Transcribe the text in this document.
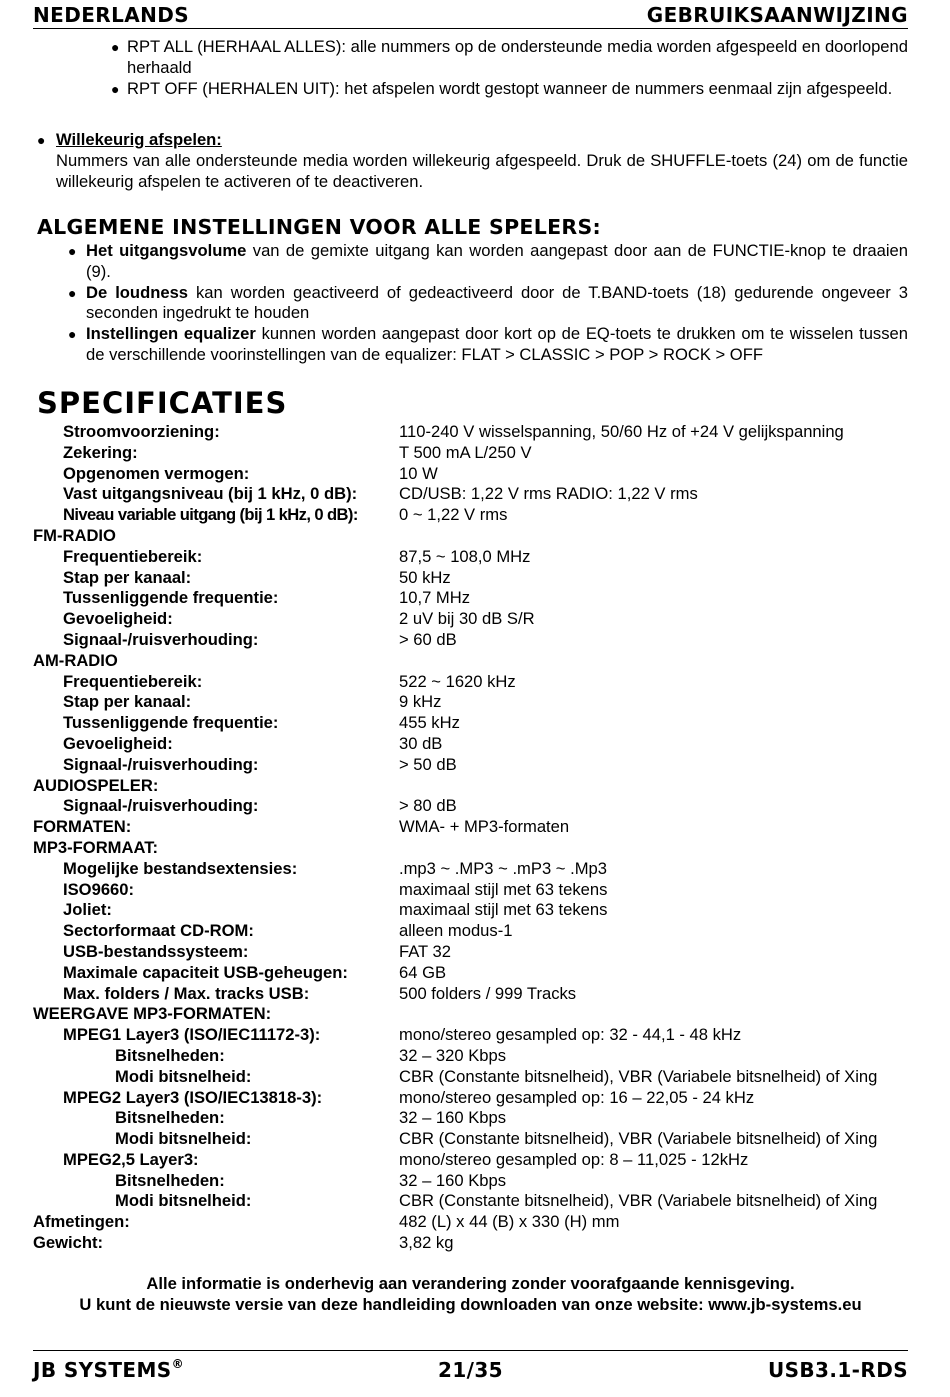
NEDERLANDS	GEBRUIKSAANWIJZING
● RPT ALL (HERHAAL ALLES): alle nummers op de ondersteunde media worden afgespeeld en doorlopend herhaald
● RPT OFF (HERHALEN UIT): het afspelen wordt gestopt wanneer de nummers eenmaal zijn afgespeeld.
● Willekeurig afspelen:
Nummers van alle ondersteunde media worden willekeurig afgespeeld. Druk de SHUFFLE-toets (24) om de functie willekeurig afspelen te activeren of te deactiveren.
ALGEMENE INSTELLINGEN VOOR ALLE SPELERS:
● Het uitgangsvolume van de gemixte uitgang kan worden aangepast door aan de FUNCTIE-knop te draaien (9).
● De loudness kan worden geactiveerd of gedeactiveerd door de T.BAND-toets (18) gedurende ongeveer 3 seconden ingedrukt te houden
● Instellingen equalizer kunnen worden aangepast door kort op de EQ-toets te drukken om te wisselen tussen de verschillende voorinstellingen van de equalizer: FLAT > CLASSIC > POP > ROCK > OFF
SPECIFICATIES
Stroomvoorziening:	110-240 V wisselspanning, 50/60 Hz of +24 V gelijkspanning
Zekering:	T 500 mA L/250 V
Opgenomen vermogen:	10 W
Vast uitgangsniveau (bij 1 kHz, 0 dB):	CD/USB: 1,22 V rms RADIO: 1,22 V rms
Niveau variable uitgang (bij 1 kHz, 0 dB): 0 ~ 1,22 V rms
FM-RADIO
Frequentiebereik:	87,5 ~ 108,0 MHz
Stap per kanaal:	50 kHz
Tussenliggende frequentie:	10,7 MHz
Gevoeligheid:	2 uV bij 30 dB S/R
Signaal-/ruisverhouding:	> 60 dB
AM-RADIO
Frequentiebereik:	522 ~ 1620 kHz
Stap per kanaal:	9 kHz
Tussenliggende frequentie:	455 kHz
Gevoeligheid:	30 dB
Signaal-/ruisverhouding:	> 50 dB
AUDIOSPELER:
Signaal-/ruisverhouding:	> 80 dB
FORMATEN:	WMA- + MP3-formaten
MP3-FORMAAT:
Mogelijke bestandsextensies:	.mp3 ~ .MP3 ~ .mP3 ~ .Mp3
ISO9660:	maximaal stijl met 63 tekens
Joliet:	maximaal stijl met 63 tekens
Sectorformaat CD-ROM:	alleen modus-1
USB-bestandssysteem:	FAT 32
Maximale capaciteit USB-geheugen:	64 GB
Max. folders / Max. tracks USB:	500 folders / 999 Tracks
WEERGAVE MP3-FORMATEN:
MPEG1 Layer3 (ISO/IEC11172-3):	mono/stereo gesampled op: 32 - 44,1 - 48 kHz
Bitsnelheden:	32 – 320 Kbps
Modi bitsnelheid:	CBR (Constante bitsnelheid), VBR (Variabele bitsnelheid) of Xing
MPEG2 Layer3 (ISO/IEC13818-3):	mono/stereo gesampled op: 16 – 22,05 - 24 kHz
Bitsnelheden:	32 – 160 Kbps
Modi bitsnelheid:	CBR (Constante bitsnelheid), VBR (Variabele bitsnelheid) of Xing
MPEG2,5 Layer3:	mono/stereo gesampled op: 8 – 11,025 - 12kHz
Bitsnelheden:	32 – 160 Kbps
Modi bitsnelheid:	CBR (Constante bitsnelheid), VBR (Variabele bitsnelheid) of Xing
Afmetingen:	482 (L) x 44 (B) x 330 (H) mm
Gewicht:	3,82 kg
Alle informatie is onderhevig aan verandering zonder voorafgaande kennisgeving.
U kunt de nieuwste versie van deze handleiding downloaden van onze website: www.jb-systems.eu
JB SYSTEMS®	21/35	USB3.1-RDS
